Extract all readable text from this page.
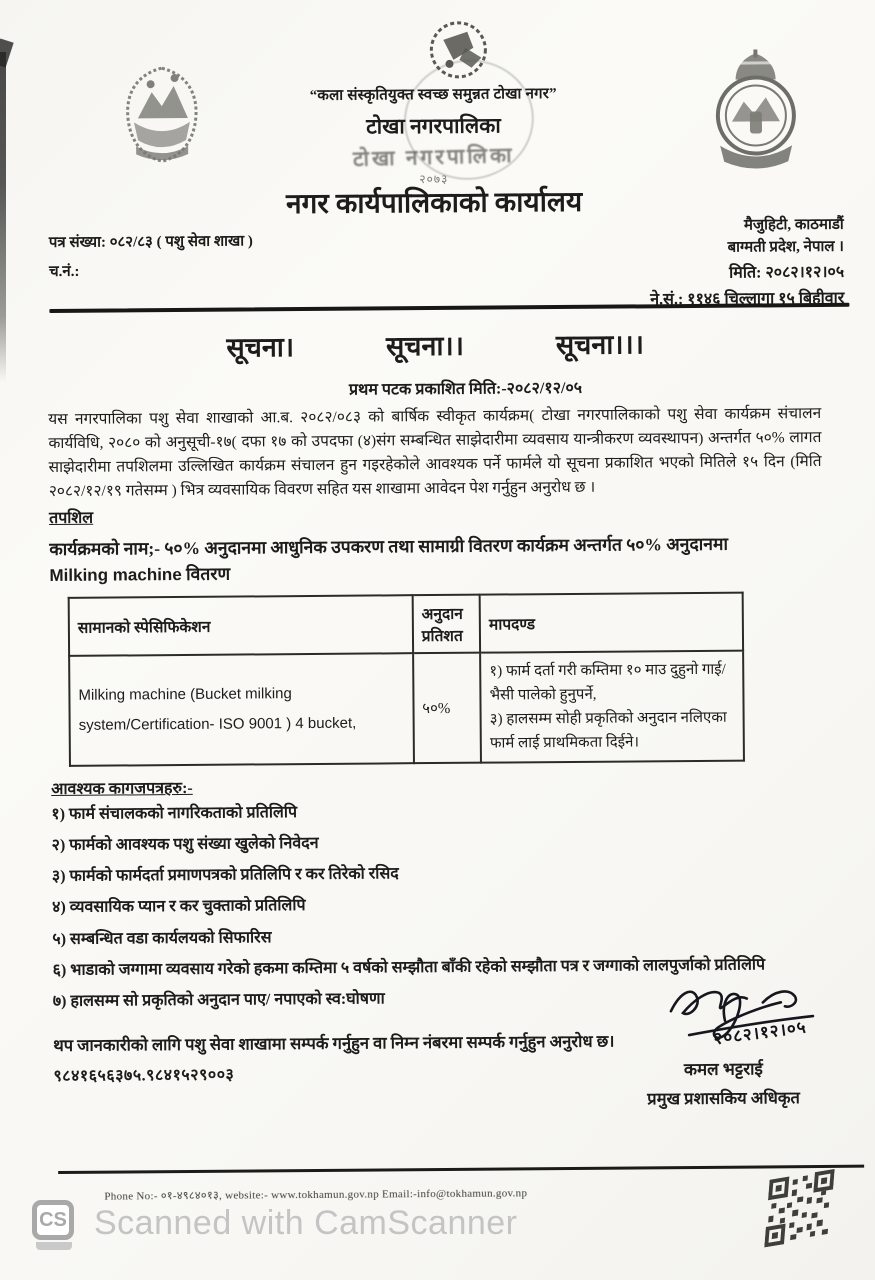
“कला संस्कृतियुक्त स्वच्छ समुन्नत टोखा नगर”
टोखा नगरपालिका
टोखा नगरपालिका
२०७३
नगर कार्यपालिकाको कार्यालय
पत्र संख्या: ०८२/८३ ( पशु सेवा शाखा )
च.नं.:
मैजुहिटी, काठमाडौं
बाग्मती प्रदेश, नेपाल ।
मिति: २०८२।१२।०५
ने.सं.: ११४६ चिल्लागा १५ बिहीवार
सूचना।	सूचना।।	सूचना।।।
प्रथम पटक प्रकाशित मिति:-२०८२/१२/०५
यस नगरपालिका पशु सेवा शाखाको आ.ब. २०८२/०८३ को बार्षिक स्वीकृत कार्यक्रम( टोखा नगरपालिकाको पशु सेवा कार्यक्रम संचालन कार्यविधि, २०८० को अनुसूची-१७( दफा १७ को उपदफा (४)संग सम्बन्धित साझेदारीमा व्यवसाय यान्त्रीकरण व्यवस्थापन) अन्तर्गत ५०% लागत साझेदारीमा तपशिलमा उल्लिखित कार्यक्रम संचालन हुन गइरहेकोले आवश्यक पर्ने फार्मले यो सूचना प्रकाशित भएको मितिले १५ दिन (मिति २०८२/१२/१९ गतेसम्म ) भित्र व्यवसायिक विवरण सहित यस शाखामा आवेदन पेश गर्नुहुन अनुरोध छ ।
तपशिल
कार्यक्रमको नाम;- ५०% अनुदानमा आधुनिक उपकरण तथा सामाग्री वितरण कार्यक्रम अन्तर्गत ५०% अनुदानमा
Milking machine वितरण
सामानको स्पेसिफिकेशन	अनुदान प्रतिशत	मापदण्ड
Milking machine (Bucket milking system/Certification- ISO 9001 ) 4 bucket,	५०%	१) फार्म दर्ता गरी कम्तिमा १० माउ दुहुनो गाई/ भैसी पालेको हुनुपर्ने,
३) हालसम्म सोही प्रकृतिको अनुदान नलिएका फार्म लाई प्राथमिकता दिईने।
आवश्यक कागजपत्रहरु:-
१) फार्म संचालकको नागरिकताको प्रतिलिपि
२) फार्मको आवश्यक पशु संख्या खुलेको निवेदन
३) फार्मको फार्मदर्ता प्रमाणपत्रको प्रतिलिपि र कर तिरेको रसिद
४) व्यवसायिक प्यान र कर चुक्ताको प्रतिलिपि
५) सम्बन्धित वडा कार्यलयको सिफारिस
६) भाडाको जग्गामा व्यवसाय गरेको हकमा कम्तिमा ५ वर्षको सम्झौता बाँकी रहेको सम्झौता पत्र र जग्गाको लालपुर्जाको प्रतिलिपि
७) हालसम्म सो प्रकृतिको अनुदान पाए/ नपाएको स्व:घोषणा
थप जानकारीको लागि पशु सेवा शाखामा सम्पर्क गर्नुहुन वा निम्न नंबरमा सम्पर्क गर्नुहुन अनुरोध छ।
९८४१६५६३७५.९८४१५२९००३
२०८२।१२।०५
कमल भट्टराई
प्रमुख प्रशासकिय अधिकृत
Phone No:- ०१-४९८४०१३, website:- www.tokhamun.gov.np Email:-info@tokhamun.gov.np
CS Scanned with CamScanner
